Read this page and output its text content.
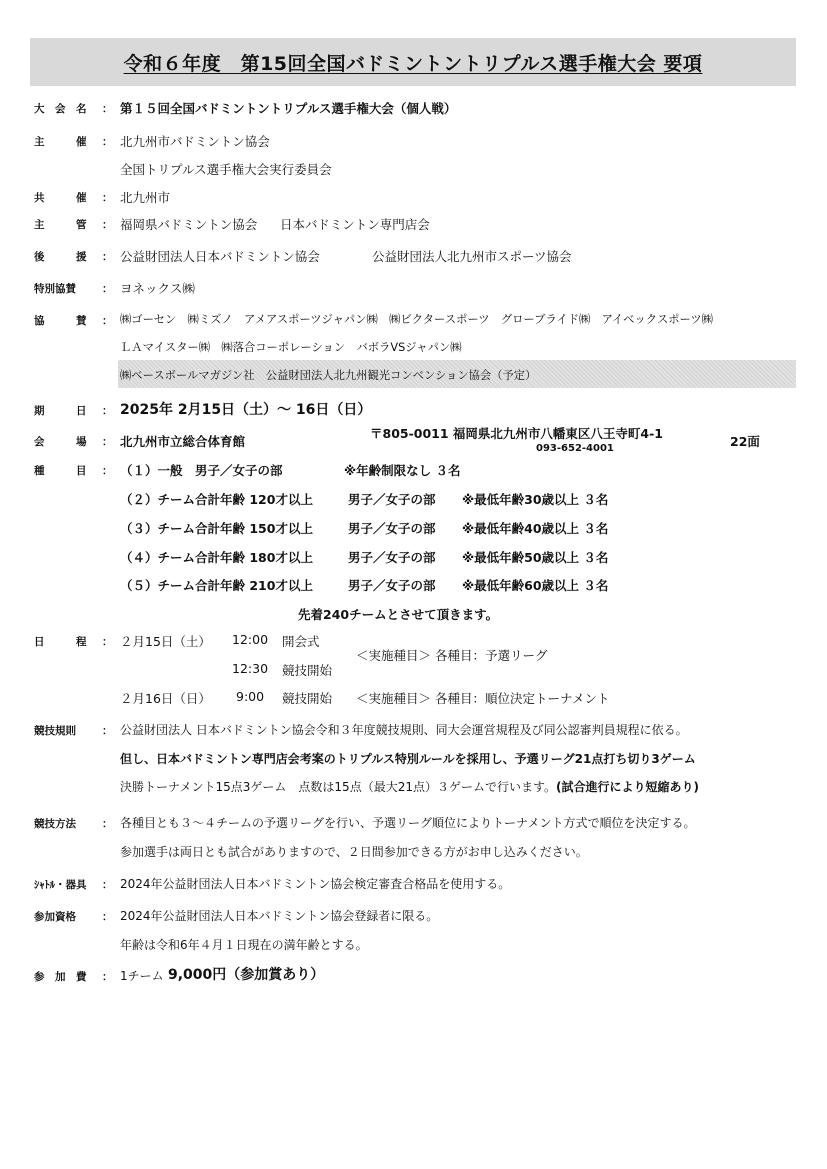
令和６年度　第15回全国バドミントントリプルス選手権大会 要項
大　会　名 ： 第１５回全国バドミントントリプルス選手権大会（個人戦）
主　　　催 ： 北九州市バドミントン協会
全国トリプルス選手権大会実行委員会
共　　　催 ： 北九州市
主　　　管 ： 福岡県バドミントン協会 日本バドミントン専門店会
後　　　援 ： 公益財団法人日本バドミントン協会	公益財団法人北九州市スポーツ協会
特別協賛 ： ヨネックス㈱
協　　　賛 ： ㈱ゴーセン　㈱ミズノ　アメアスポーツジャパン㈱　㈱ビクタースポーツ　グローブライド㈱　アイベックスポーツ㈱
ＬＡマイスター㈱　㈱落合コーポレーション　バボラVSジャパン㈱
㈱ベースボールマガジン社　公益財団法人北九州観光コンベンション協会（予定）
期　　　日 ： 2025年 2月15日（土）～ 16日（日）
会　　　場 ： 北九州市立総合体育館
〒805-0011 福岡県北九州市八幡東区八王寺町4-1
093-652-4001	22面
種　　　目 ： （１）一般　男子／女子の部	※年齢制限なし ３名
（２）チーム合計年齢 120才以上	男子／女子の部 ※最低年齢30歳以上 ３名
（３）チーム合計年齢 150才以上	男子／女子の部 ※最低年齢40歳以上 ３名
（４）チーム合計年齢 180才以上	男子／女子の部 ※最低年齢50歳以上 ３名
（５）チーム合計年齢 210才以上	男子／女子の部 ※最低年齢60歳以上 ３名
先着240チームとさせて頂きます。
日　　　程 ： ２月15日（土） 12:00 開会式
12:30 競技開始
＜実施種目＞ 各種目：予選リーグ
２月16日（日） 9:00 競技開始 ＜実施種目＞ 各種目：順位決定トーナメント
競技規則 ： 公益財団法人 日本バドミントン協会令和３年度競技規則、同大会運営規程及び同公認審判員規程に依る。
但し、日本バドミントン専門店会考案のトリプルス特別ルールを採用し、予選リーグ21点打ち切り3ゲーム
決勝トーナメント15点3ゲーム　点数は15点（最大21点）３ゲームで行います。(試合進行により短縮あり)
競技方法 ： 各種目とも３～４チームの予選リーグを行い、予選リーグ順位によりトーナメント方式で順位を決定する。
参加選手は両日とも試合がありますので、２日間参加できる方がお申し込みください。
ｼｬﾄﾙ・器具 ： 2024年公益財団法人日本バドミントン協会検定審査合格品を使用する。
参加資格 ： 2024年公益財団法人日本バドミントン協会登録者に限る。
年齢は令和6年４月１日現在の満年齢とする。
参　加　費 ： 1チーム 9,000円（参加賞あり）
